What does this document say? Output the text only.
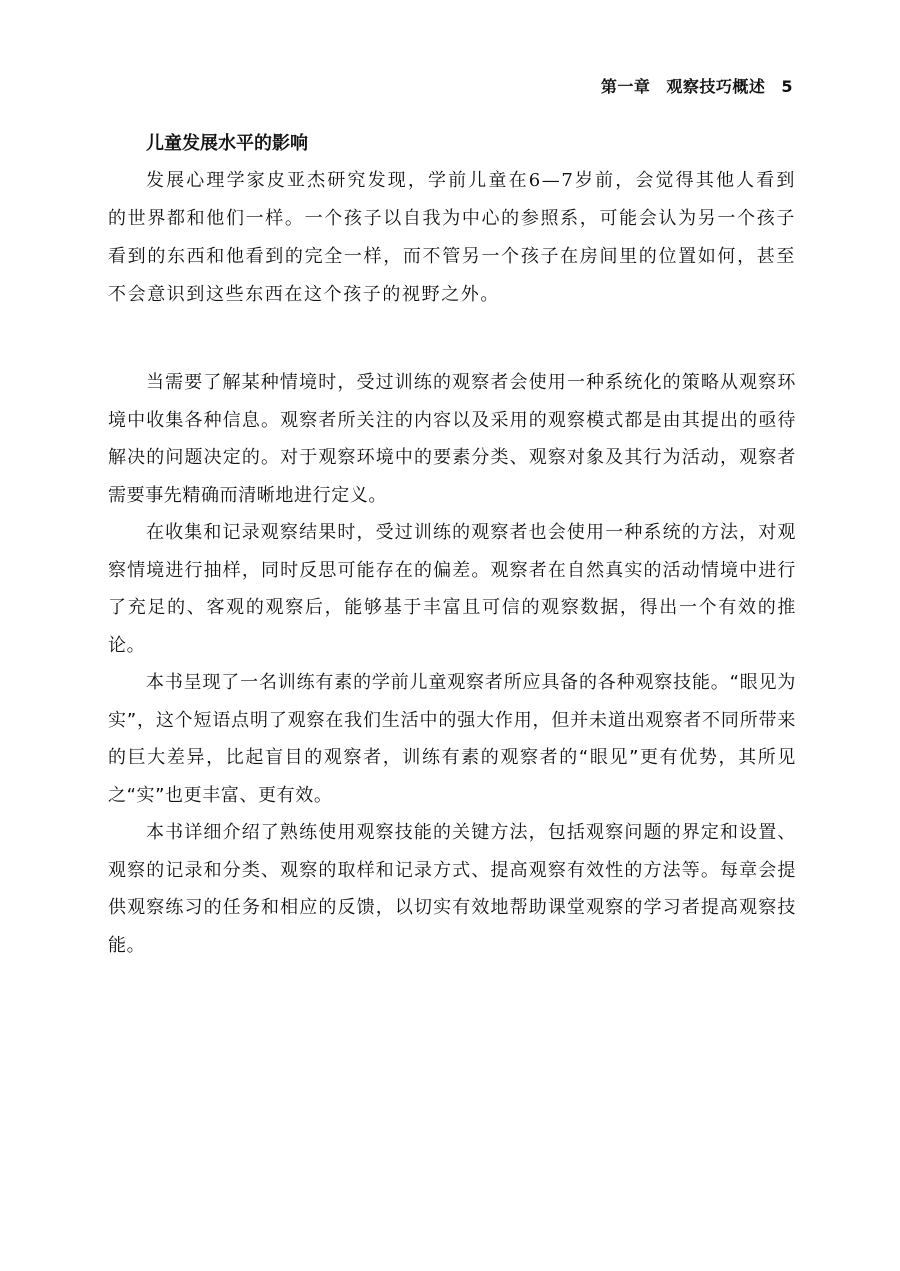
第一章 观察技巧概述 5

儿童发展水平的影响

发展心理学家皮亚杰研究发现，学前儿童在6—7岁前，会觉得其他人看到的世界都和他们一样。一个孩子以自我为中心的参照系，可能会认为另一个孩子看到的东西和他看到的完全一样，而不管另一个孩子在房间里的位置如何，甚至不会意识到这些东西在这个孩子的视野之外。

当需要了解某种情境时，受过训练的观察者会使用一种系统化的策略从观察环境中收集各种信息。观察者所关注的内容以及采用的观察模式都是由其提出的亟待解决的问题决定的。对于观察环境中的要素分类、观察对象及其行为活动，观察者需要事先精确而清晰地进行定义。

在收集和记录观察结果时，受过训练的观察者也会使用一种系统的方法，对观察情境进行抽样，同时反思可能存在的偏差。观察者在自然真实的活动情境中进行了充足的、客观的观察后，能够基于丰富且可信的观察数据，得出一个有效的推论。

本书呈现了一名训练有素的学前儿童观察者所应具备的各种观察技能。“眼见为实”，这个短语点明了观察在我们生活中的强大作用，但并未道出观察者不同所带来的巨大差异，比起盲目的观察者，训练有素的观察者的“眼见”更有优势，其所见之“实”也更丰富、更有效。

本书详细介绍了熟练使用观察技能的关键方法，包括观察问题的界定和设置、观察的记录和分类、观察的取样和记录方式、提高观察有效性的方法等。每章会提供观察练习的任务和相应的反馈，以切实有效地帮助课堂观察的学习者提高观察技能。
